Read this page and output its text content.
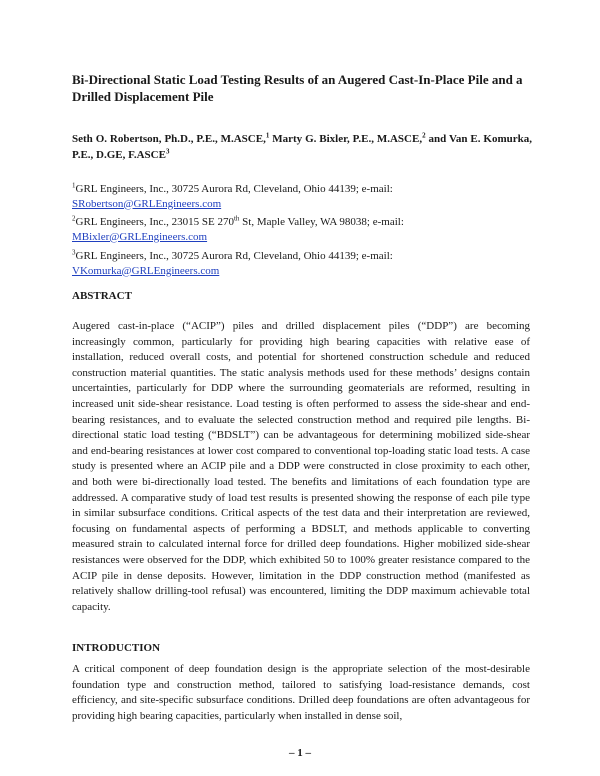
Bi-Directional Static Load Testing Results of an Augered Cast-In-Place Pile and a Drilled Displacement Pile
Seth O. Robertson, Ph.D., P.E., M.ASCE,$^1$ Marty G. Bixler, P.E., M.ASCE,$^2$ and Van E. Komurka, P.E., D.GE, F.ASCE$^3$
$^1$GRL Engineers, Inc., 30725 Aurora Rd, Cleveland, Ohio 44139; e-mail:
SRobertson@GRLEngineers.com
$^2$GRL Engineers, Inc., 23015 SE 270th St, Maple Valley, WA 98038; e-mail:
MBixler@GRLEngineers.com
$^3$GRL Engineers, Inc., 30725 Aurora Rd, Cleveland, Ohio 44139; e-mail:
VKomurka@GRLEngineers.com
ABSTRACT

Augered cast-in-place (“ACIP”) piles and drilled displacement piles (“DDP”) are becoming increasingly common, particularly for providing high bearing capacities with relative ease of installation, reduced overall costs, and potential for shortened construction schedule and reduced construction material quantities. The static analysis methods used for these methods’ designs contain uncertainties, particularly for DDP where the surrounding geomaterials are reformed, resulting in increased unit side-shear resistance. Load testing is often performed to assess the side-shear and end-bearing resistances, and to evaluate the selected construction method and required pile lengths. Bi-directional static load testing (“BDSLT”) can be advantageous for determining mobilized side-shear and end-bearing resistances at lower cost compared to conventional top-loading static load tests. A case study is presented where an ACIP pile and a DDP were constructed in close proximity to each other, and both were bi-directionally load tested. The benefits and limitations of each foundation type are addressed. A comparative study of load test results is presented showing the response of each pile type in similar subsurface conditions. Critical aspects of the test data and their interpretation are reviewed, focusing on fundamental aspects of performing a BDSLT, and methods applicable to converting measured strain to calculated internal force for drilled deep foundations. Higher mobilized side-shear resistances were observed for the DDP, which exhibited 50 to 100% greater resistance compared to the ACIP pile in dense deposits. However, limitation in the DDP construction method (manifested as relatively shallow drilling-tool refusal) was encountered, limiting the DDP maximum achievable total capacity.

INTRODUCTION

A critical component of deep foundation design is the appropriate selection of the most-desirable foundation type and construction method, tailored to satisfying load-resistance demands, cost efficiency, and site-specific subsurface conditions. Drilled deep foundations are often advantageous for providing high bearing capacities, particularly when installed in dense soil,

– 1 –
